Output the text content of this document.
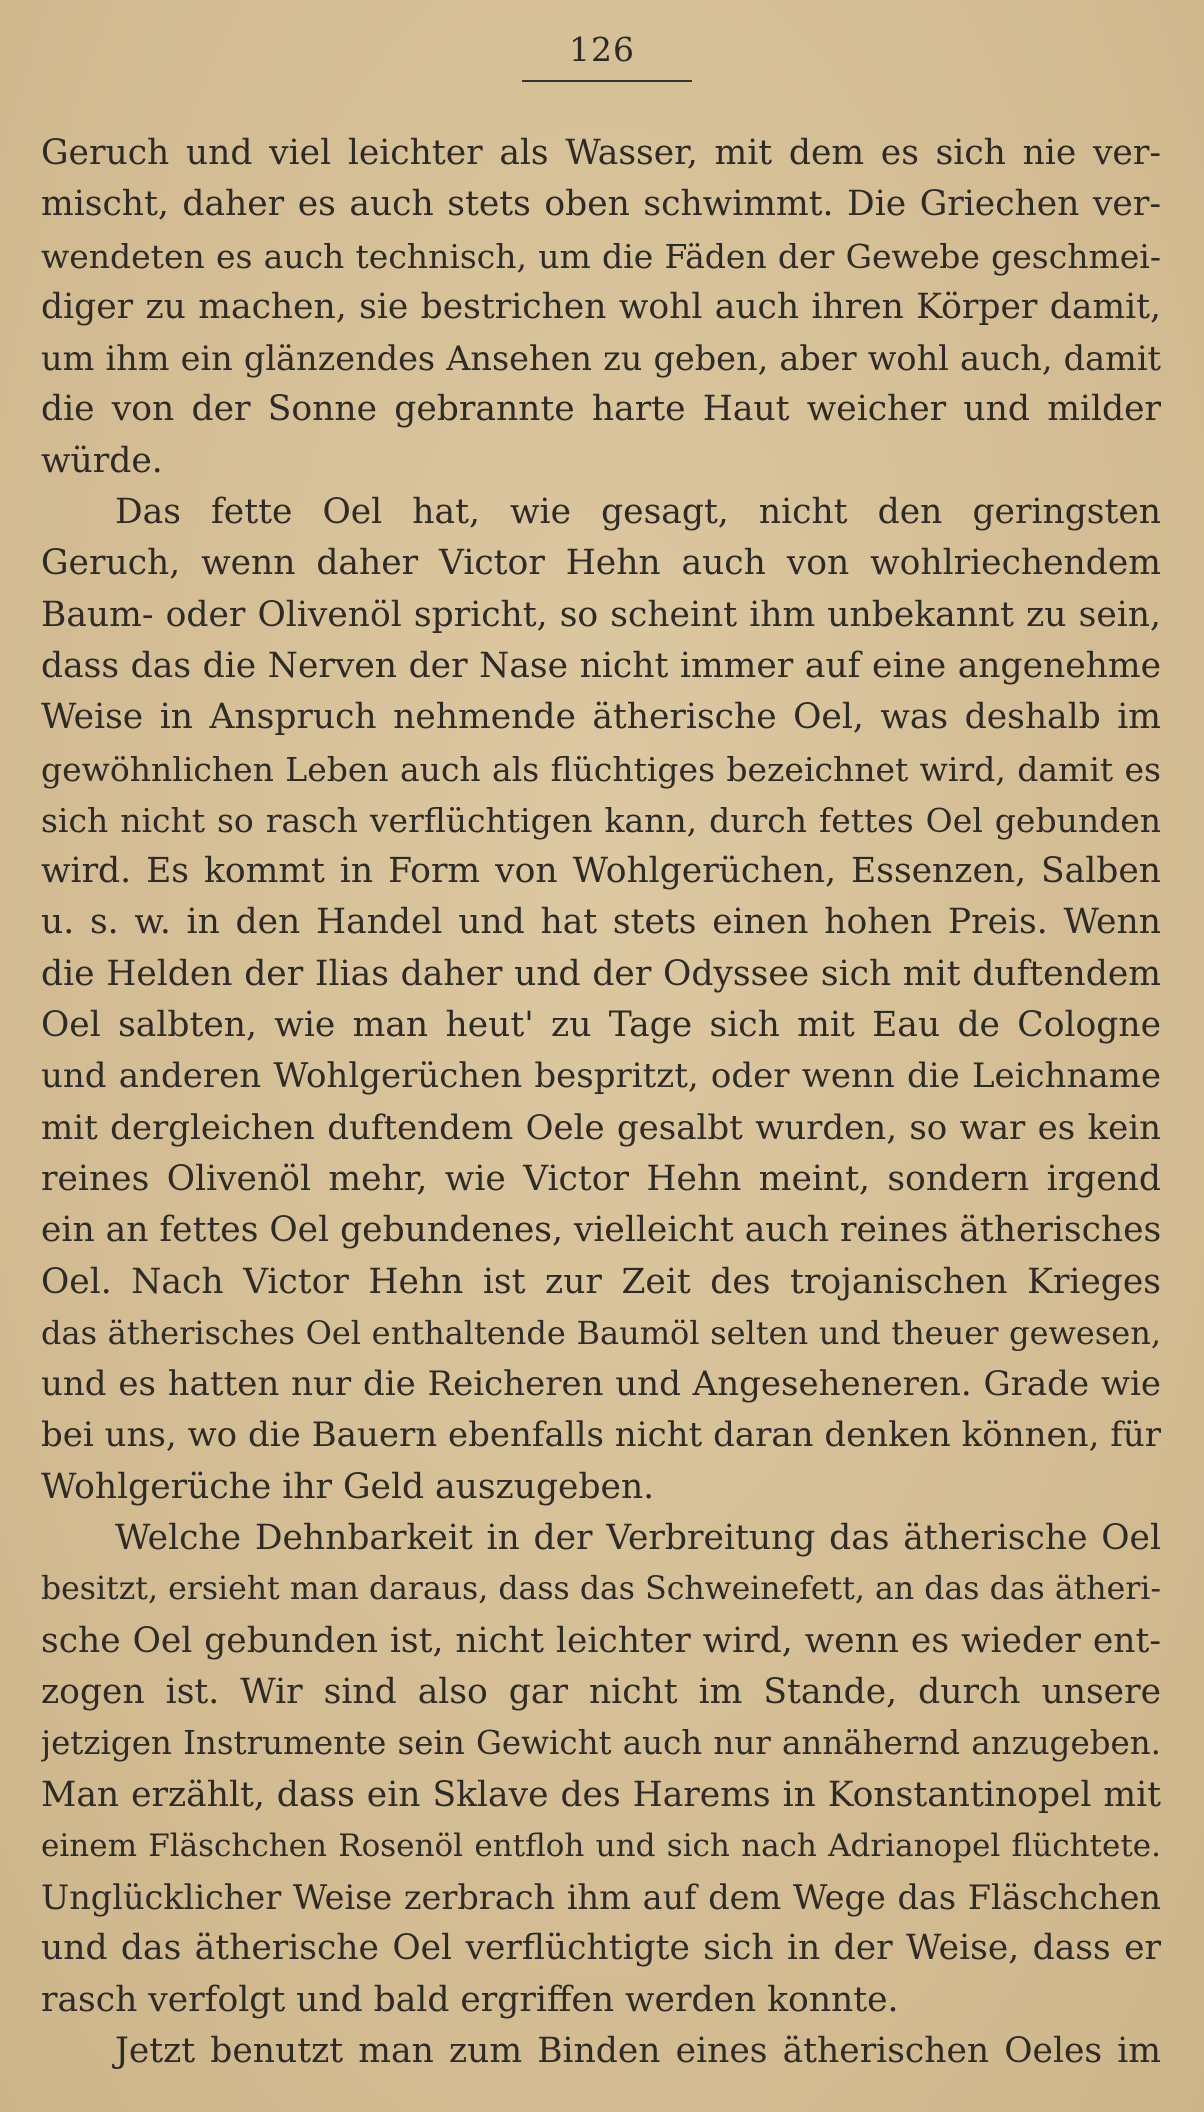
126
Geruch und viel leichter als Wasser, mit dem es sich nie ver-
mischt, daher es auch stets oben schwimmt. Die Griechen ver-
wendeten es auch technisch, um die Fäden der Gewebe geschmei-
diger zu machen, sie bestrichen wohl auch ihren Körper damit,
um ihm ein glänzendes Ansehen zu geben, aber wohl auch, damit
die von der Sonne gebrannte harte Haut weicher und milder
würde.
Das fette Oel hat, wie gesagt, nicht den geringsten
Geruch, wenn daher Victor Hehn auch von wohlriechendem
Baum- oder Olivenöl spricht, so scheint ihm unbekannt zu sein,
dass das die Nerven der Nase nicht immer auf eine angenehme
Weise in Anspruch nehmende ätherische Oel, was deshalb im
gewöhnlichen Leben auch als flüchtiges bezeichnet wird, damit es
sich nicht so rasch verflüchtigen kann, durch fettes Oel gebunden
wird. Es kommt in Form von Wohlgerüchen, Essenzen, Salben
u. s. w. in den Handel und hat stets einen hohen Preis. Wenn
die Helden der Ilias daher und der Odyssee sich mit duftendem
Oel salbten, wie man heut' zu Tage sich mit Eau de Cologne
und anderen Wohlgerüchen bespritzt, oder wenn die Leichname
mit dergleichen duftendem Oele gesalbt wurden, so war es kein
reines Olivenöl mehr, wie Victor Hehn meint, sondern irgend
ein an fettes Oel gebundenes, vielleicht auch reines ätherisches
Oel. Nach Victor Hehn ist zur Zeit des trojanischen Krieges
das ätherisches Oel enthaltende Baumöl selten und theuer gewesen,
und es hatten nur die Reicheren und Angeseheneren. Grade wie
bei uns, wo die Bauern ebenfalls nicht daran denken können, für
Wohlgerüche ihr Geld auszugeben.
Welche Dehnbarkeit in der Verbreitung das ätherische Oel
besitzt, ersieht man daraus, dass das Schweinefett, an das das ätheri-
sche Oel gebunden ist, nicht leichter wird, wenn es wieder ent-
zogen ist. Wir sind also gar nicht im Stande, durch unsere
jetzigen Instrumente sein Gewicht auch nur annähernd anzugeben.
Man erzählt, dass ein Sklave des Harems in Konstantinopel mit
einem Fläschchen Rosenöl entfloh und sich nach Adrianopel flüchtete.
Unglücklicher Weise zerbrach ihm auf dem Wege das Fläschchen
und das ätherische Oel verflüchtigte sich in der Weise, dass er
rasch verfolgt und bald ergriffen werden konnte.
Jetzt benutzt man zum Binden eines ätherischen Oeles im
